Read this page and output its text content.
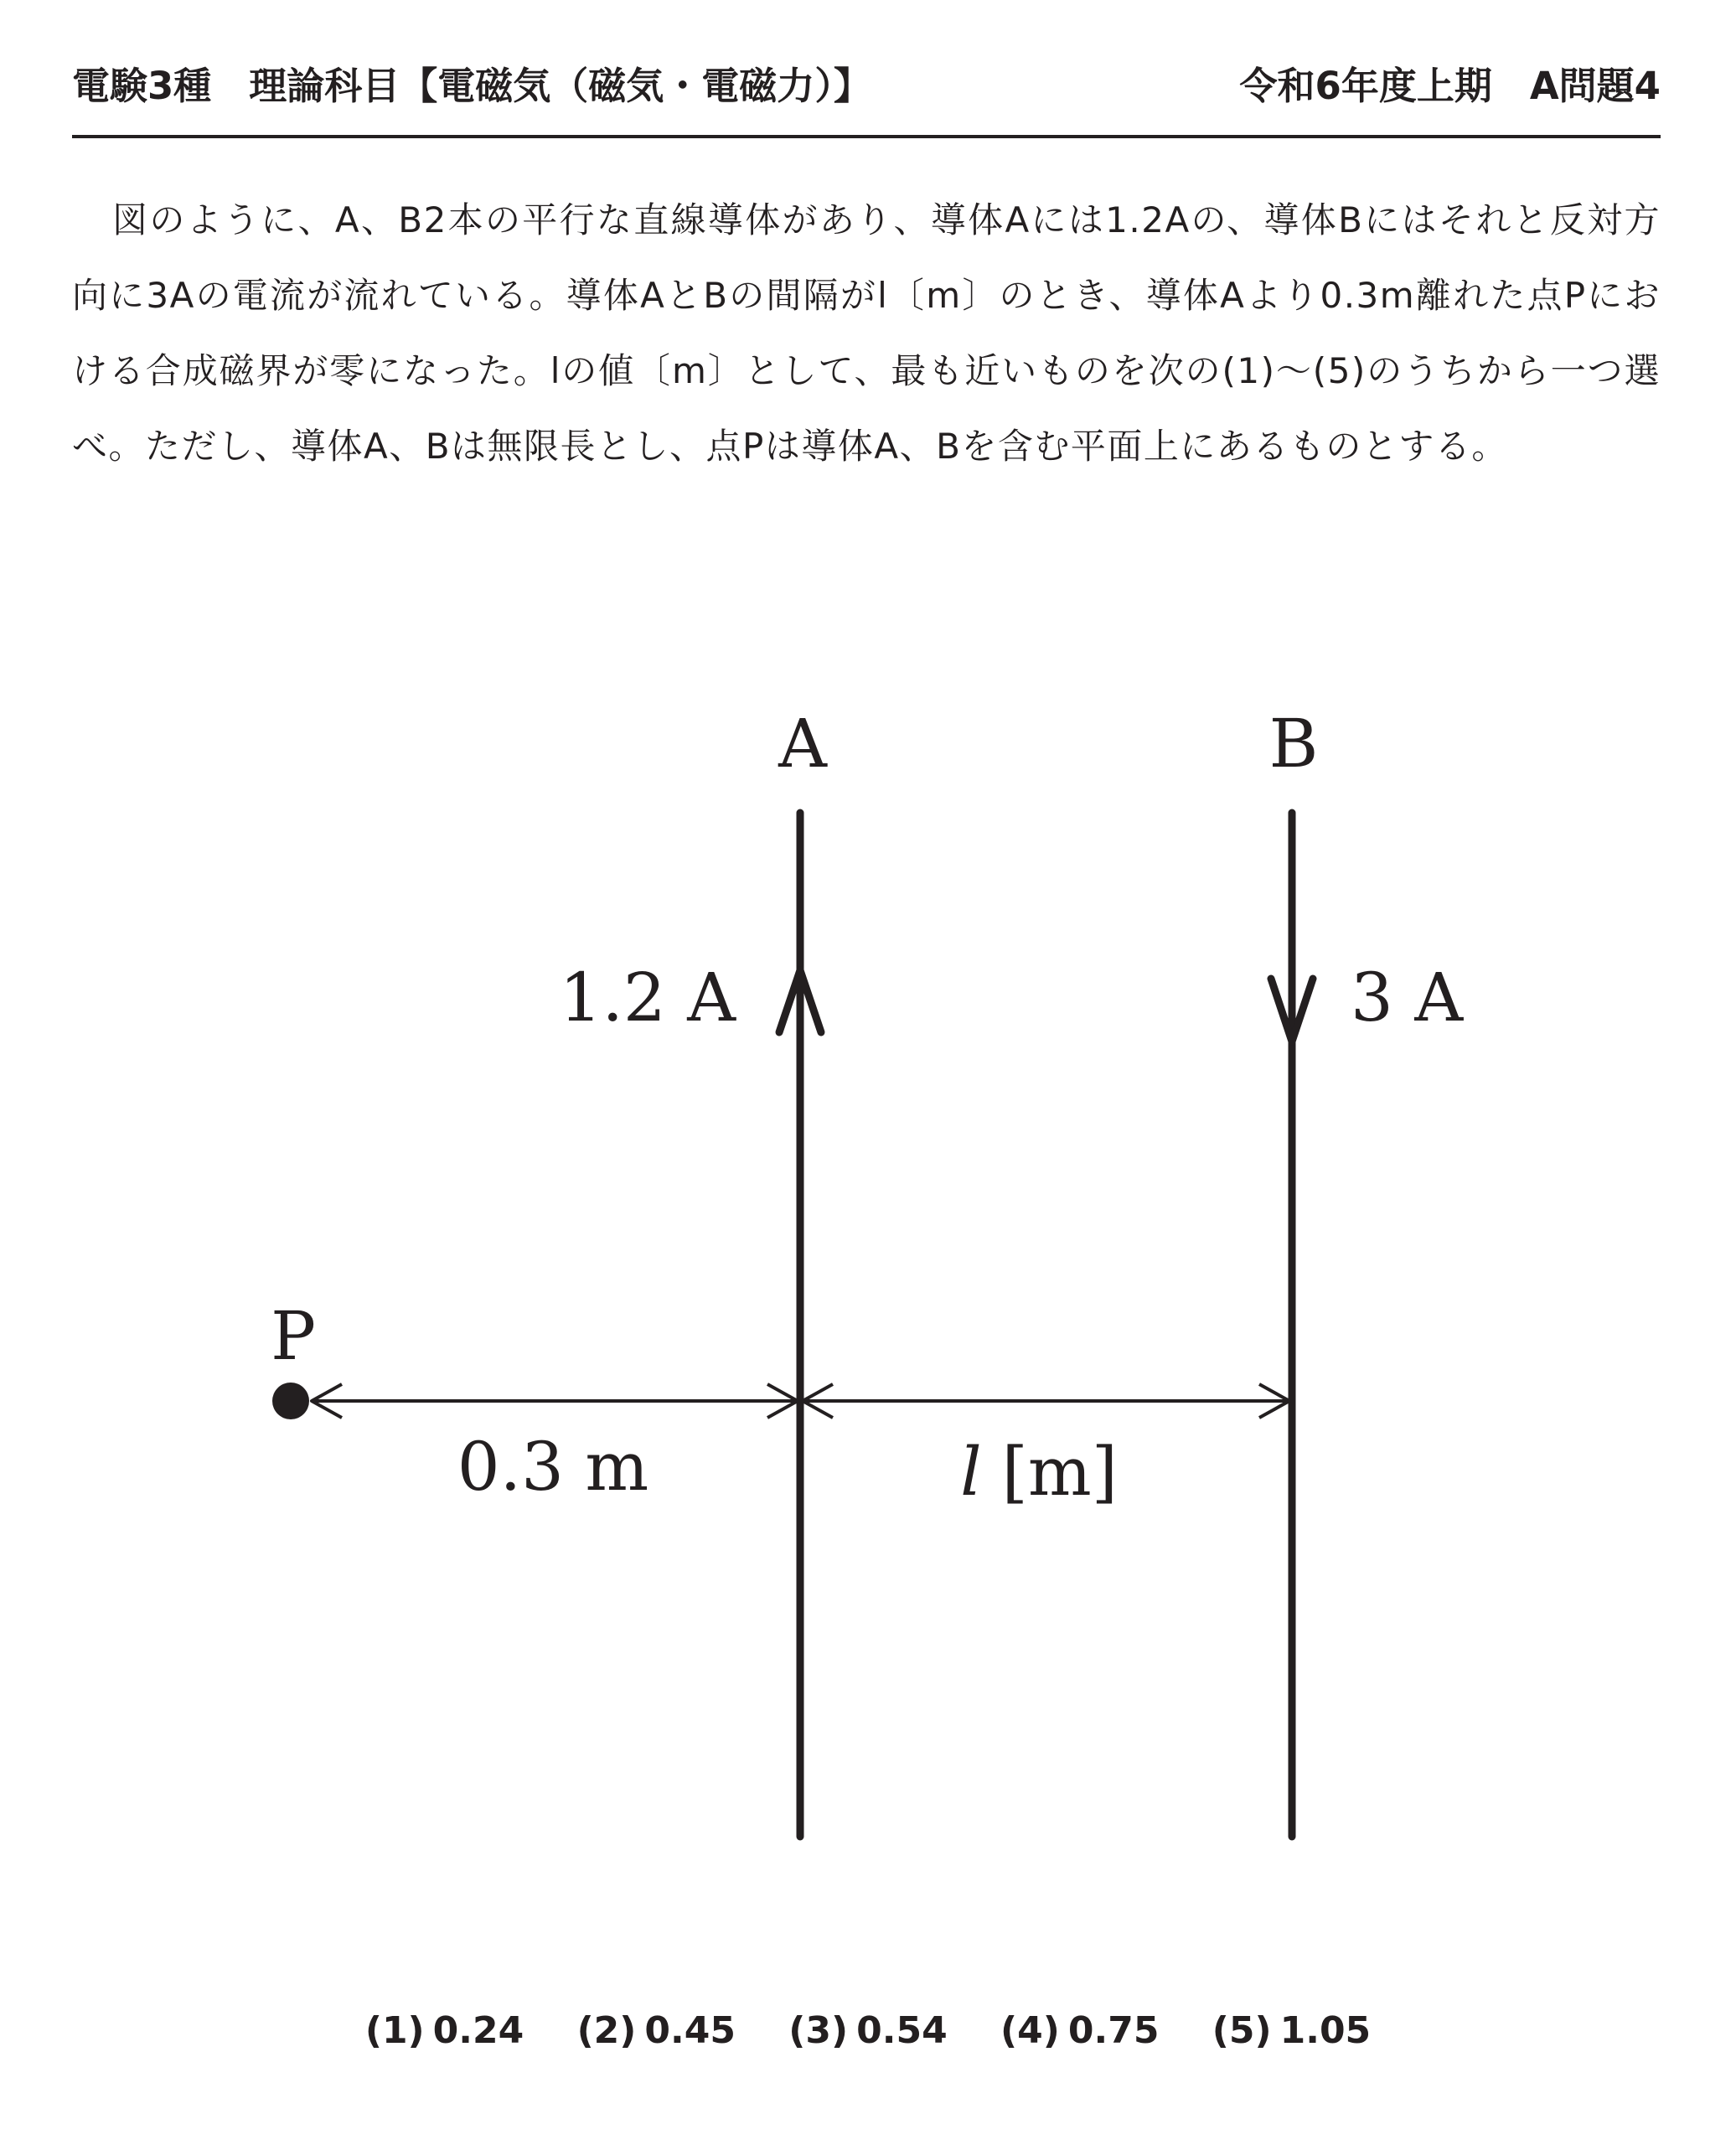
電験3種　理論科目【電磁気（磁気・電磁力）】	令和6年度上期　A問題4

図のように、A、B2本の平行な直線導体があり、導体Aには1.2Aの、導体Bにはそれと反対方向に3Aの電流が流れている。導体AとBの間隔がl〔m〕のとき、導体Aより0.3m離れた点Pにおける合成磁界が零になった。lの値〔m〕として、最も近いものを次の(1)〜(5)のうちから一つ選べ。ただし、導体A、Bは無限長とし、点Pは導体A、Bを含む平面上にあるものとする。

A	B
1.2 A	3 A
P
0.3 m	l [m]
(1) 0.24 (2) 0.45 (3) 0.54 (4) 0.75 (5) 1.05
